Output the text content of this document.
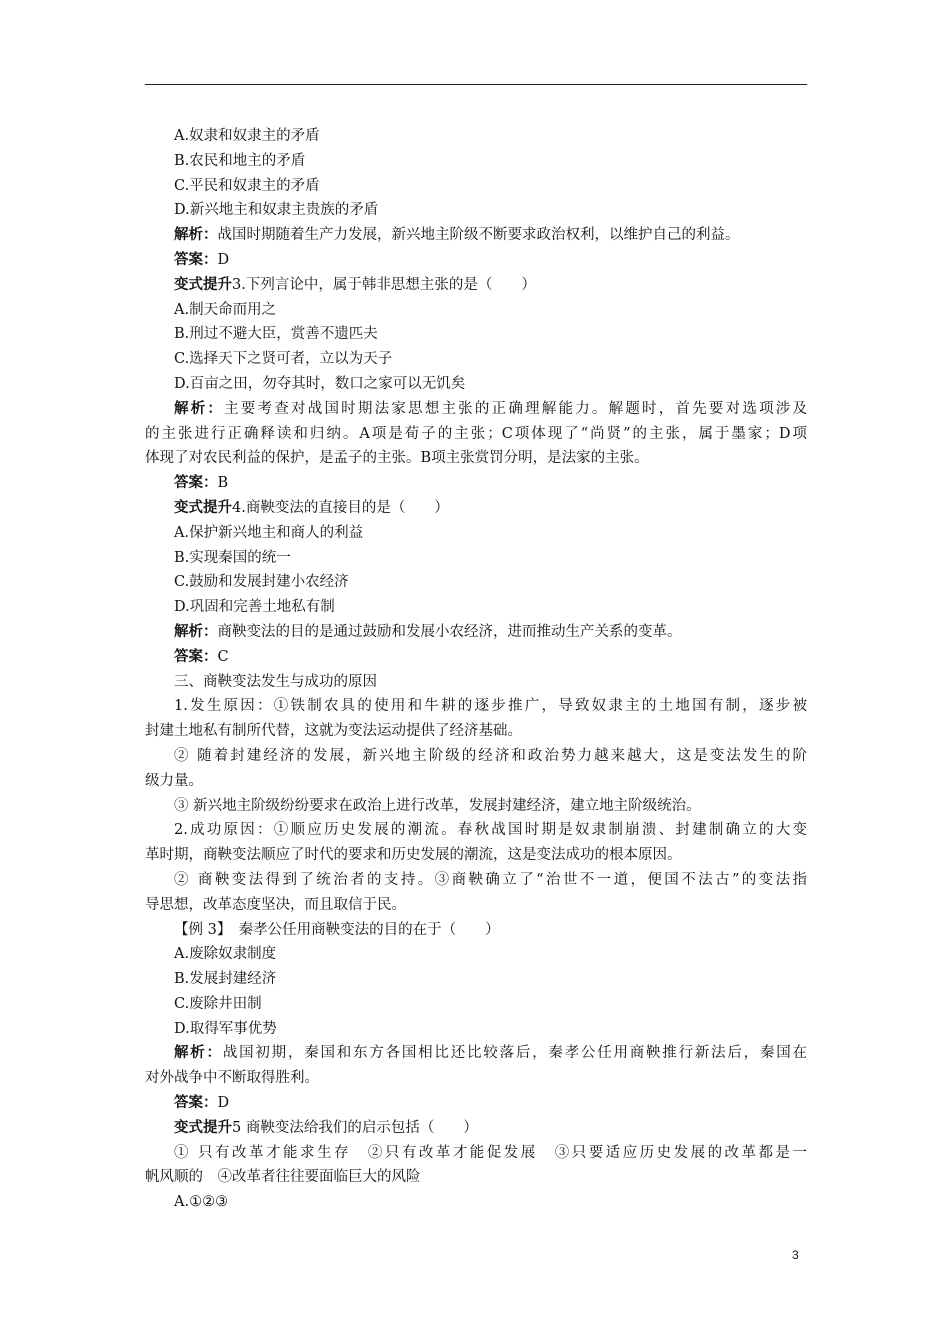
A.奴隶和奴隶主的矛盾
B.农民和地主的矛盾
C.平民和奴隶主的矛盾
D.新兴地主和奴隶主贵族的矛盾
解析：战国时期随着生产力发展，新兴地主阶级不断要求政治权利，以维护自己的利益。
答案：D
变式提升3.下列言论中，属于韩非思想主张的是（　　）
A.制天命而用之
B.刑过不避大臣，赏善不遗匹夫
C.选择天下之贤可者，立以为天子
D.百亩之田，勿夺其时，数口之家可以无饥矣
解析：主要考查对战国时期法家思想主张的正确理解能力。解题时，首先要对选项涉及
的主张进行正确释读和归纳。A项是荀子的主张；C项体现了“尚贤”的主张，属于墨家；D项
体现了对农民利益的保护，是孟子的主张。B项主张赏罚分明，是法家的主张。
答案：B
变式提升4.商鞅变法的直接目的是（　　）
A.保护新兴地主和商人的利益
B.实现秦国的统一
C.鼓励和发展封建小农经济
D.巩固和完善土地私有制
解析：商鞅变法的目的是通过鼓励和发展小农经济，进而推动生产关系的变革。
答案：C
三、商鞅变法发生与成功的原因
1.发生原因：①铁制农具的使用和牛耕的逐步推广，导致奴隶主的土地国有制，逐步被
封建土地私有制所代替，这就为变法运动提供了经济基础。
② 随着封建经济的发展，新兴地主阶级的经济和政治势力越来越大，这是变法发生的阶
级力量。
③ 新兴地主阶级纷纷要求在政治上进行改革，发展封建经济，建立地主阶级统治。
2.成功原因：①顺应历史发展的潮流。春秋战国时期是奴隶制崩溃、封建制确立的大变
革时期，商鞅变法顺应了时代的要求和历史发展的潮流，这是变法成功的根本原因。
② 商鞅变法得到了统治者的支持。③商鞅确立了“治世不一道，便国不法古”的变法指
导思想，改革态度坚决，而且取信于民。
【例 3】　秦孝公任用商鞅变法的目的在于（　　）
A.废除奴隶制度
B.发展封建经济
C.废除井田制
D.取得军事优势
解析：战国初期，秦国和东方各国相比还比较落后，秦孝公任用商鞅推行新法后，秦国在
对外战争中不断取得胜利。
答案：D
变式提升5 商鞅变法给我们的启示包括（　　）
① 只有改革才能求生存　②只有改革才能促发展　③只要适应历史发展的改革都是一
帆风顺的　④改革者往往要面临巨大的风险
A.①②③
3
